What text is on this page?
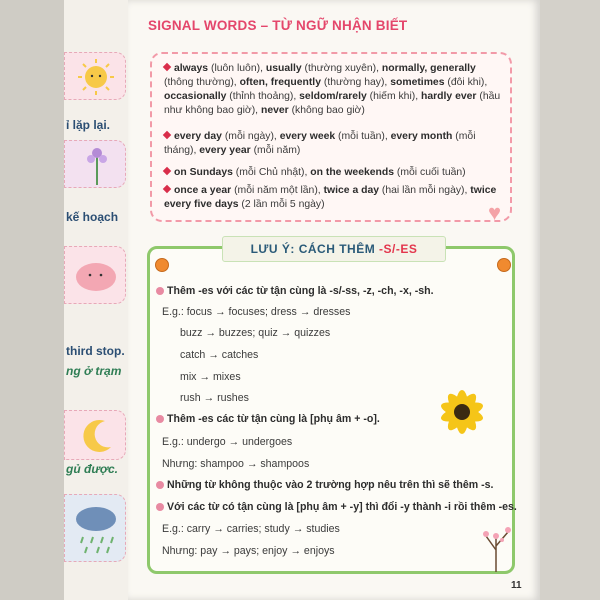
ỉ lặp lại.
kế hoạch
third stop.
ng ở trạm
gủ được.
SIGNAL WORDS – TỪ NGỮ NHẬN BIẾT

always (luôn luôn), usually (thường xuyên), normally, generally (thông thường), often, frequently (thường hay), sometimes (đôi khi), occasionally (thỉnh thoảng), seldom/rarely (hiếm khi), hardly ever (hầu như không bao giờ), never (không bao giờ)

every day (mỗi ngày), every week (mỗi tuần), every month (mỗi tháng), every year (mỗi năm)

on Sundays (mỗi Chủ nhật), on the weekends (mỗi cuối tuần)

once a year (mỗi năm một lần), twice a day (hai lần mỗi ngày), twice every five days (2 lần mỗi 5 ngày)	♥
LƯU Ý: CÁCH THÊM -S/-ES
Thêm -es với các từ tận cùng là -s/-ss, -z, -ch, -x, -sh.
E.g.: focus → focuses; dress → dresses
buzz → buzzes; quiz → quizzes
catch → catches
mix → mixes
rush → rushes
Thêm -es các từ tận cùng là [phụ âm + -o].
E.g.: undergo → undergoes
Nhưng: shampoo → shampoos
Những từ không thuộc vào 2 trường hợp nêu trên thì sẽ thêm -s.
Với các từ có tận cùng là [phụ âm + -y] thì đổi -y thành -i rồi thêm -es.
E.g.: carry → carries; study → studies
Nhưng: pay → pays; enjoy → enjoys
11
